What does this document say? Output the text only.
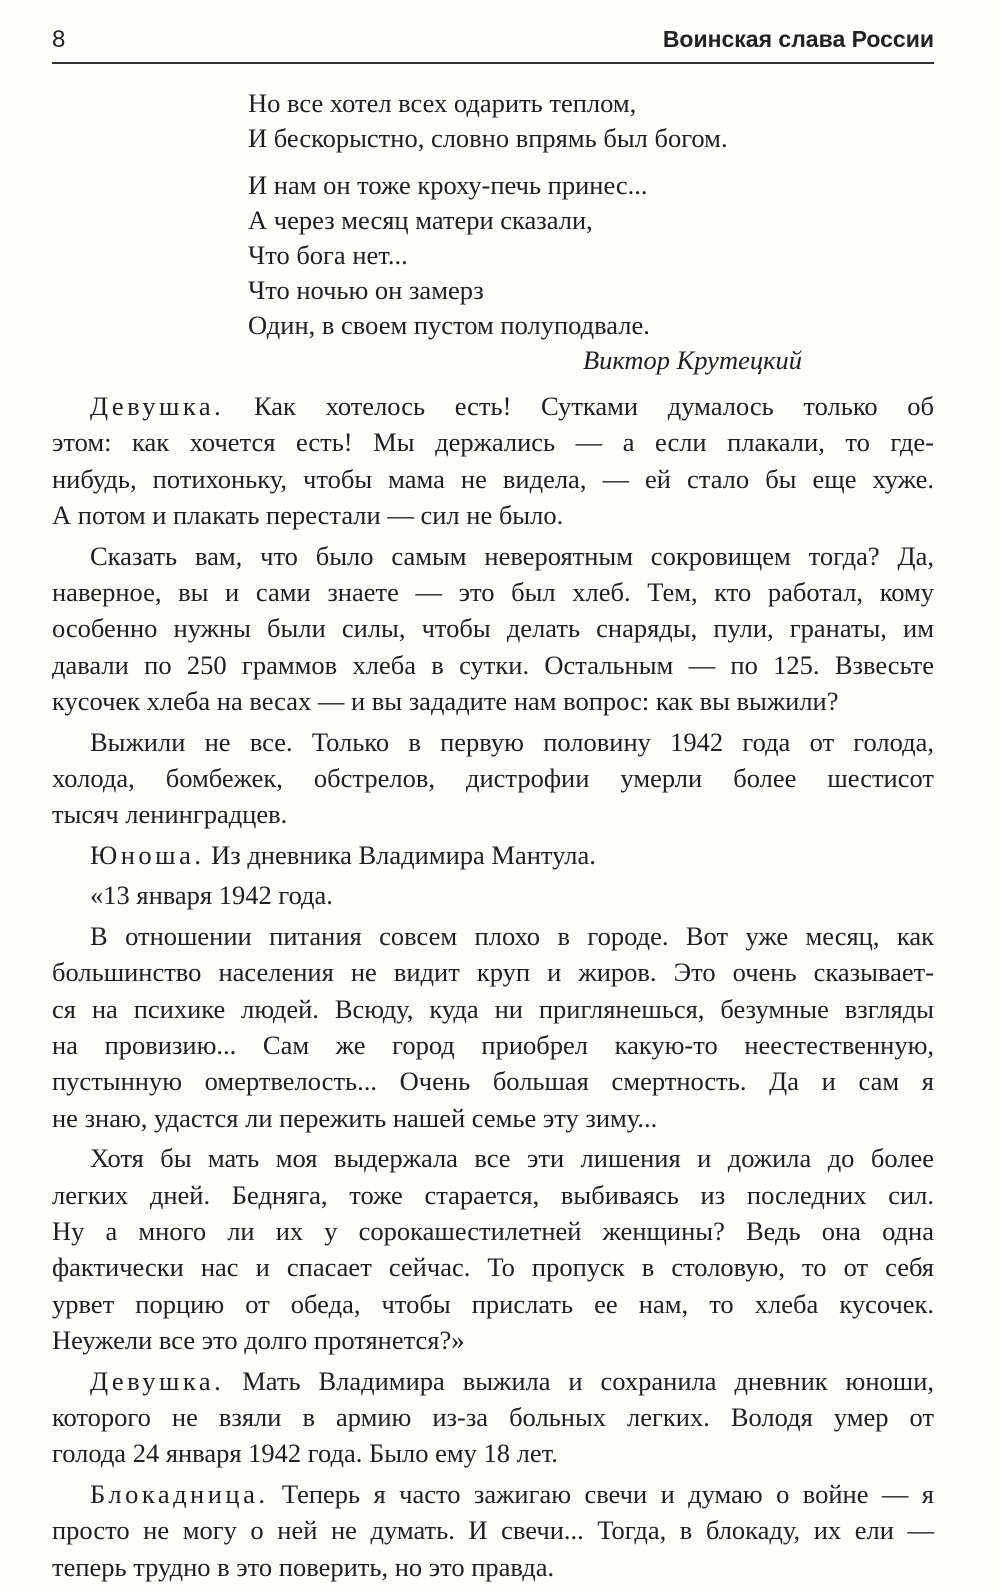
8	Воинская слава России
Но все хотел всех одарить теплом,
И бескорыстно, словно впрямь был богом.
И нам он тоже кроху-печь принес...
А через месяц матери сказали,
Что бога нет...
Что ночью он замерз
Один, в своем пустом полуподвале.
Виктор Крутецкий
Девушка. Как хотелось есть! Сутками думалось только об
этом: как хочется есть! Мы держались — а если плакали, то где-
нибудь, потихоньку, чтобы мама не видела, — ей стало бы еще хуже.
А потом и плакать перестали — сил не было.
Сказать вам, что было самым невероятным сокровищем тогда? Да,
наверное, вы и сами знаете — это был хлеб. Тем, кто работал, кому
особенно нужны были силы, чтобы делать снаряды, пули, гранаты, им
давали по 250 граммов хлеба в сутки. Остальным — по 125. Взвесьте
кусочек хлеба на весах — и вы зададите нам вопрос: как вы выжили?
Выжили не все. Только в первую половину 1942 года от голода,
холода, бомбежек, обстрелов, дистрофии умерли более шестисот
тысяч ленинградцев.
Юноша. Из дневника Владимира Мантула.
«13 января 1942 года.
В отношении питания совсем плохо в городе. Вот уже месяц, как
большинство населения не видит круп и жиров. Это очень сказывает-
ся на психике людей. Всюду, куда ни приглянешься, безумные взгляды
на провизию... Сам же город приобрел какую-то неестественную,
пустынную омертвелость... Очень большая смертность. Да и сам я
не знаю, удастся ли пережить нашей семье эту зиму...
Хотя бы мать моя выдержала все эти лишения и дожила до более
легких дней. Бедняга, тоже старается, выбиваясь из последних сил.
Ну а много ли их у сорокашестилетней женщины? Ведь она одна
фактически нас и спасает сейчас. То пропуск в столовую, то от себя
урвет порцию от обеда, чтобы прислать ее нам, то хлеба кусочек.
Неужели все это долго протянется?»
Девушка. Мать Владимира выжила и сохранила дневник юноши,
которого не взяли в армию из-за больных легких. Володя умер от
голода 24 января 1942 года. Было ему 18 лет.
Блокадница. Теперь я часто зажигаю свечи и думаю о войне — я
просто не могу о ней не думать. И свечи... Тогда, в блокаду, их ели —
теперь трудно в это поверить, но это правда.
